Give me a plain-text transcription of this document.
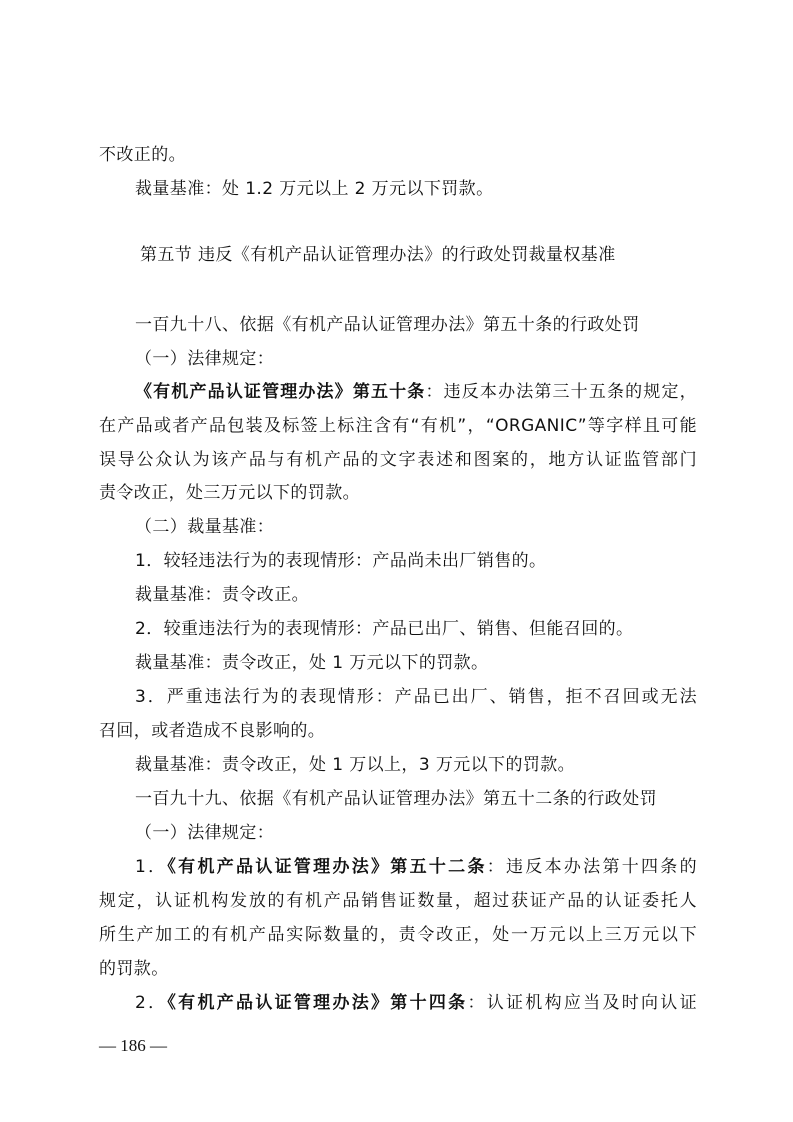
不改正的。
裁量基准：处 1.2 万元以上 2 万元以下罚款。
第五节 违反《有机产品认证管理办法》的行政处罚裁量权基准
一百九十八、依据《有机产品认证管理办法》第五十条的行政处罚
（一）法律规定：
《有机产品认证管理办法》第五十条：违反本办法第三十五条的规定，
在产品或者产品包装及标签上标注含有“有机”，“ORGANIC”等字样且可能
误导公众认为该产品与有机产品的文字表述和图案的，地方认证监管部门
责令改正，处三万元以下的罚款。
（二）裁量基准：
1．较轻违法行为的表现情形：产品尚未出厂销售的。
裁量基准：责令改正。
2．较重违法行为的表现情形：产品已出厂、销售、但能召回的。
裁量基准：责令改正，处 1 万元以下的罚款。
3．严重违法行为的表现情形：产品已出厂、销售，拒不召回或无法
召回，或者造成不良影响的。
裁量基准：责令改正，处 1 万以上，3 万元以下的罚款。
一百九十九、依据《有机产品认证管理办法》第五十二条的行政处罚
（一）法律规定：
1．《有机产品认证管理办法》第五十二条：违反本办法第十四条的
规定，认证机构发放的有机产品销售证数量，超过获证产品的认证委托人
所生产加工的有机产品实际数量的，责令改正，处一万元以上三万元以下
的罚款。
2．《有机产品认证管理办法》第十四条：认证机构应当及时向认证
— 186 —
